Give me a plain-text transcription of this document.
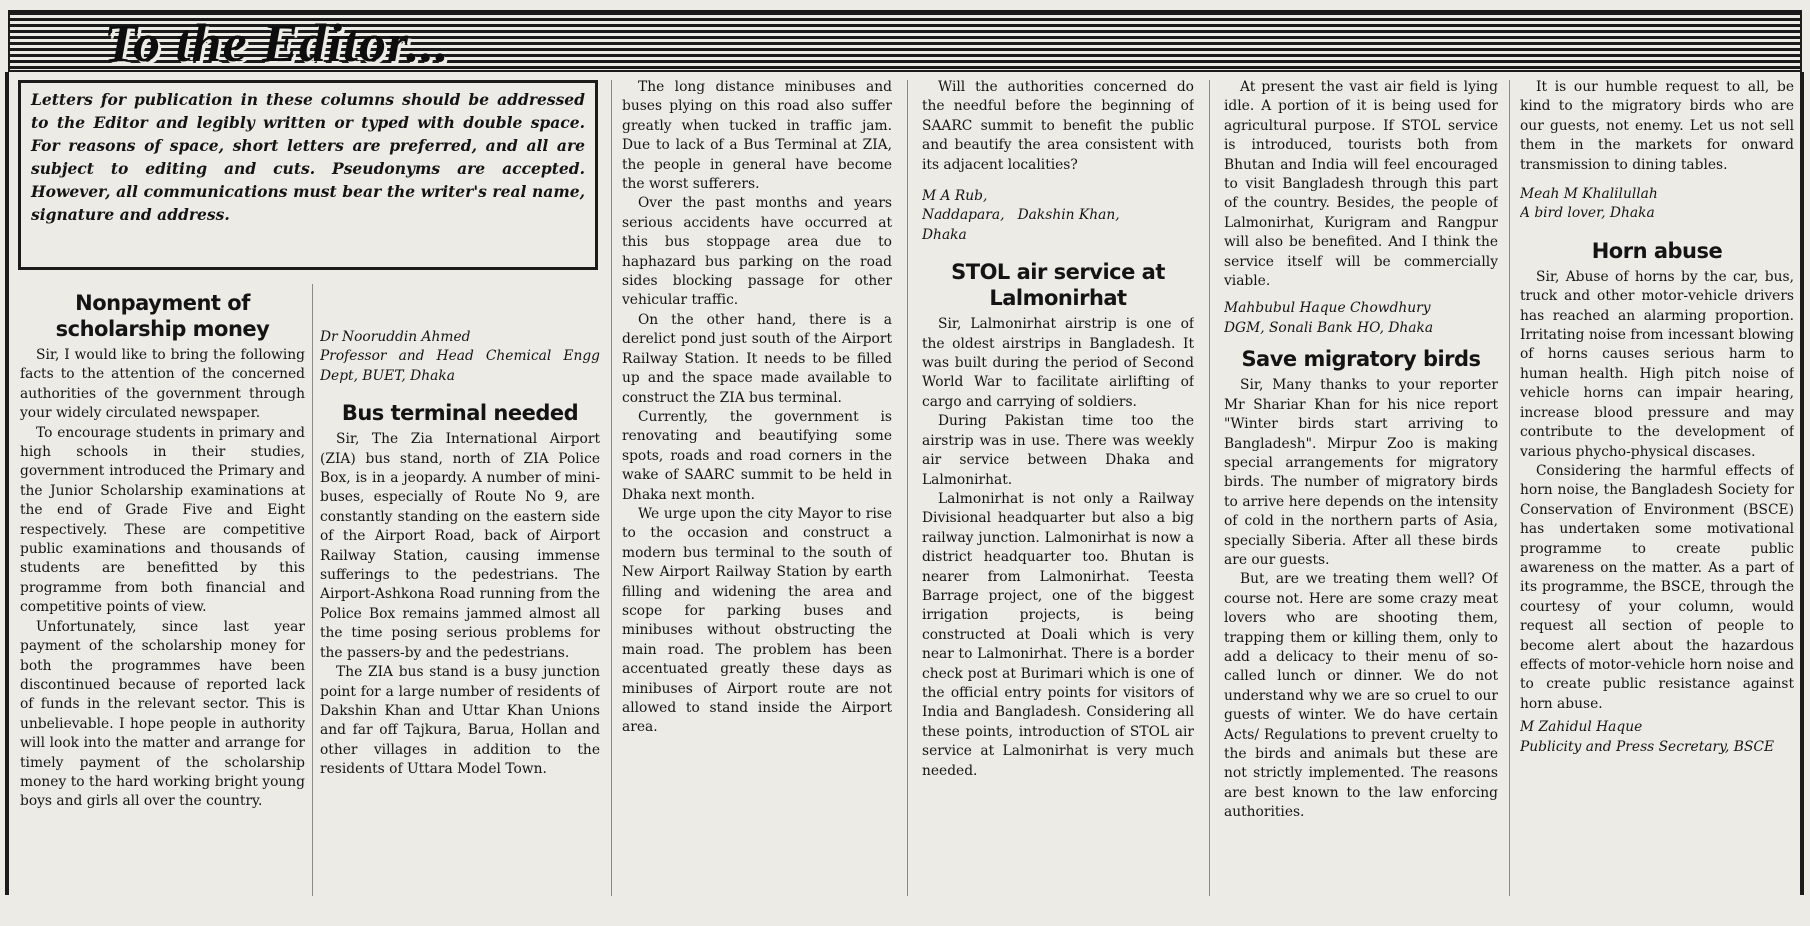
To the Editor...
Letters for publication in these columns should be addressed to the Editor and legibly written or typed with double space. For reasons of space, short letters are preferred, and all are subject to editing and cuts. Pseudonyms are accepted. However, all communications must bear the writer's real name, signature and address.
Nonpayment of scholarship money

Sir, I would like to bring the following facts to the attention of the concerned authorities of the government through your widely circulated newspaper.

To encourage students in primary and high schools in their studies, government introduced the Primary and the Junior Scholarship examinations at the end of Grade Five and Eight respectively. These are competitive public examinations and thousands of students are benefitted by this programme from both financial and competitive points of view.

Unfortunately, since last year payment of the scholarship money for both the programmes have been discontinued because of reported lack of funds in the relevant sector. This is unbelievable. I hope people in authority will look into the matter and arrange for timely payment of the scholarship money to the hard working bright young boys and girls all over the country.

Dr Nooruddin Ahmed
Professor and Head Chemical Engg Dept, BUET, Dhaka
Bus terminal needed

Sir, The Zia International Airport (ZIA) bus stand, north of ZIA Police Box, is in a jeopardy. A number of mini-buses, especially of Route No 9, are constantly standing on the eastern side of the Airport Road, back of Airport Railway Station, causing immense sufferings to the pedestrians. The Airport-Ashkona Road running from the Police Box remains jammed almost all the time posing serious problems for the passers-by and the pedestrians.

The ZIA bus stand is a busy junction point for a large number of residents of Dakshin Khan and Uttar Khan Unions and far off Tajkura, Barua, Hollan and other villages in addition to the residents of Uttara Model Town.

The long distance minibuses and buses plying on this road also suffer greatly when tucked in traffic jam. Due to lack of a Bus Terminal at ZIA, the people in general have become the worst sufferers.

Over the past months and years serious accidents have occurred at this bus stoppage area due to haphazard bus parking on the road sides blocking passage for other vehicular traffic.

On the other hand, there is a derelict pond just south of the Airport Railway Station. It needs to be filled up and the space made available to construct the ZIA bus terminal.

Currently, the government is renovating and beautifying some spots, roads and road corners in the wake of SAARC summit to be held in Dhaka next month.

We urge upon the city Mayor to rise to the occasion and construct a modern bus terminal to the south of New Airport Railway Station by earth filling and widening the area and scope for parking buses and minibuses without obstructing the main road. The problem has been accentuated greatly these days as minibuses of Airport route are not allowed to stand inside the Airport area.

Will the authorities concerned do the needful before the beginning of SAARC summit to benefit the public and beautify the area consistent with its adjacent localities?

M A Rub,
Naddapara,   Dakshin Khan,
Dhaka
STOL air service at Lalmonirhat

Sir, Lalmonirhat airstrip is one of the oldest airstrips in Bangladesh. It was built during the period of Second World War to facilitate airlifting of cargo and carrying of soldiers.

During Pakistan time too the airstrip was in use. There was weekly air service between Dhaka and Lalmonirhat.

Lalmonirhat is not only a Railway Divisional headquarter but also a big railway junction. Lalmonirhat is now a district headquarter too. Bhutan is nearer from Lalmonirhat. Teesta Barrage project, one of the biggest irrigation projects, is being constructed at Doali which is very near to Lalmonirhat. There is a border check post at Burimari which is one of the official entry points for visitors of India and Bangladesh. Considering all these points, introduction of STOL air service at Lalmonirhat is very much needed.

At present the vast air field is lying idle. A portion of it is being used for agricultural purpose. If STOL service is introduced, tourists both from Bhutan and India will feel encouraged to visit Bangladesh through this part of the country. Besides, the people of Lalmonirhat, Kurigram and Rangpur will also be benefited. And I think the service itself will be commercially viable.

Mahbubul Haque Chowdhury
DGM, Sonali Bank HO, Dhaka
Save migratory birds

Sir, Many thanks to your reporter Mr Shariar Khan for his nice report "Winter birds start arriving to Bangladesh". Mirpur Zoo is making special arrangements for migratory birds. The number of migratory birds to arrive here depends on the intensity of cold in the northern parts of Asia, specially Siberia. After all these birds are our guests.

But, are we treating them well? Of course not. Here are some crazy meat lovers who are shooting them, trapping them or killing them, only to add a delicacy to their menu of so-called lunch or dinner. We do not understand why we are so cruel to our guests of winter. We do have certain Acts/ Regulations to prevent cruelty to the birds and animals but these are not strictly implemented. The reasons are best known to the law enforcing authorities.

It is our humble request to all, be kind to the migratory birds who are our guests, not enemy. Let us not sell them in the markets for onward transmission to dining tables.

Meah M Khalilullah
A bird lover, Dhaka
Horn abuse

Sir, Abuse of horns by the car, bus, truck and other motor-vehicle drivers has reached an alarming proportion. Irritating noise from incessant blowing of horns causes serious harm to human health. High pitch noise of vehicle horns can impair hearing, increase blood pressure and may contribute to the development of various phycho-physical discases.

Considering the harmful effects of horn noise, the Bangladesh Society for Conservation of Environment (BSCE) has undertaken some motivational programme to create public awareness on the matter. As a part of its programme, the BSCE, through the courtesy of your column, would request all section of people to become alert about the hazardous effects of motor-vehicle horn noise and to create public resistance against horn abuse.

M Zahidul Haque
Publicity and Press Secretary, BSCE
